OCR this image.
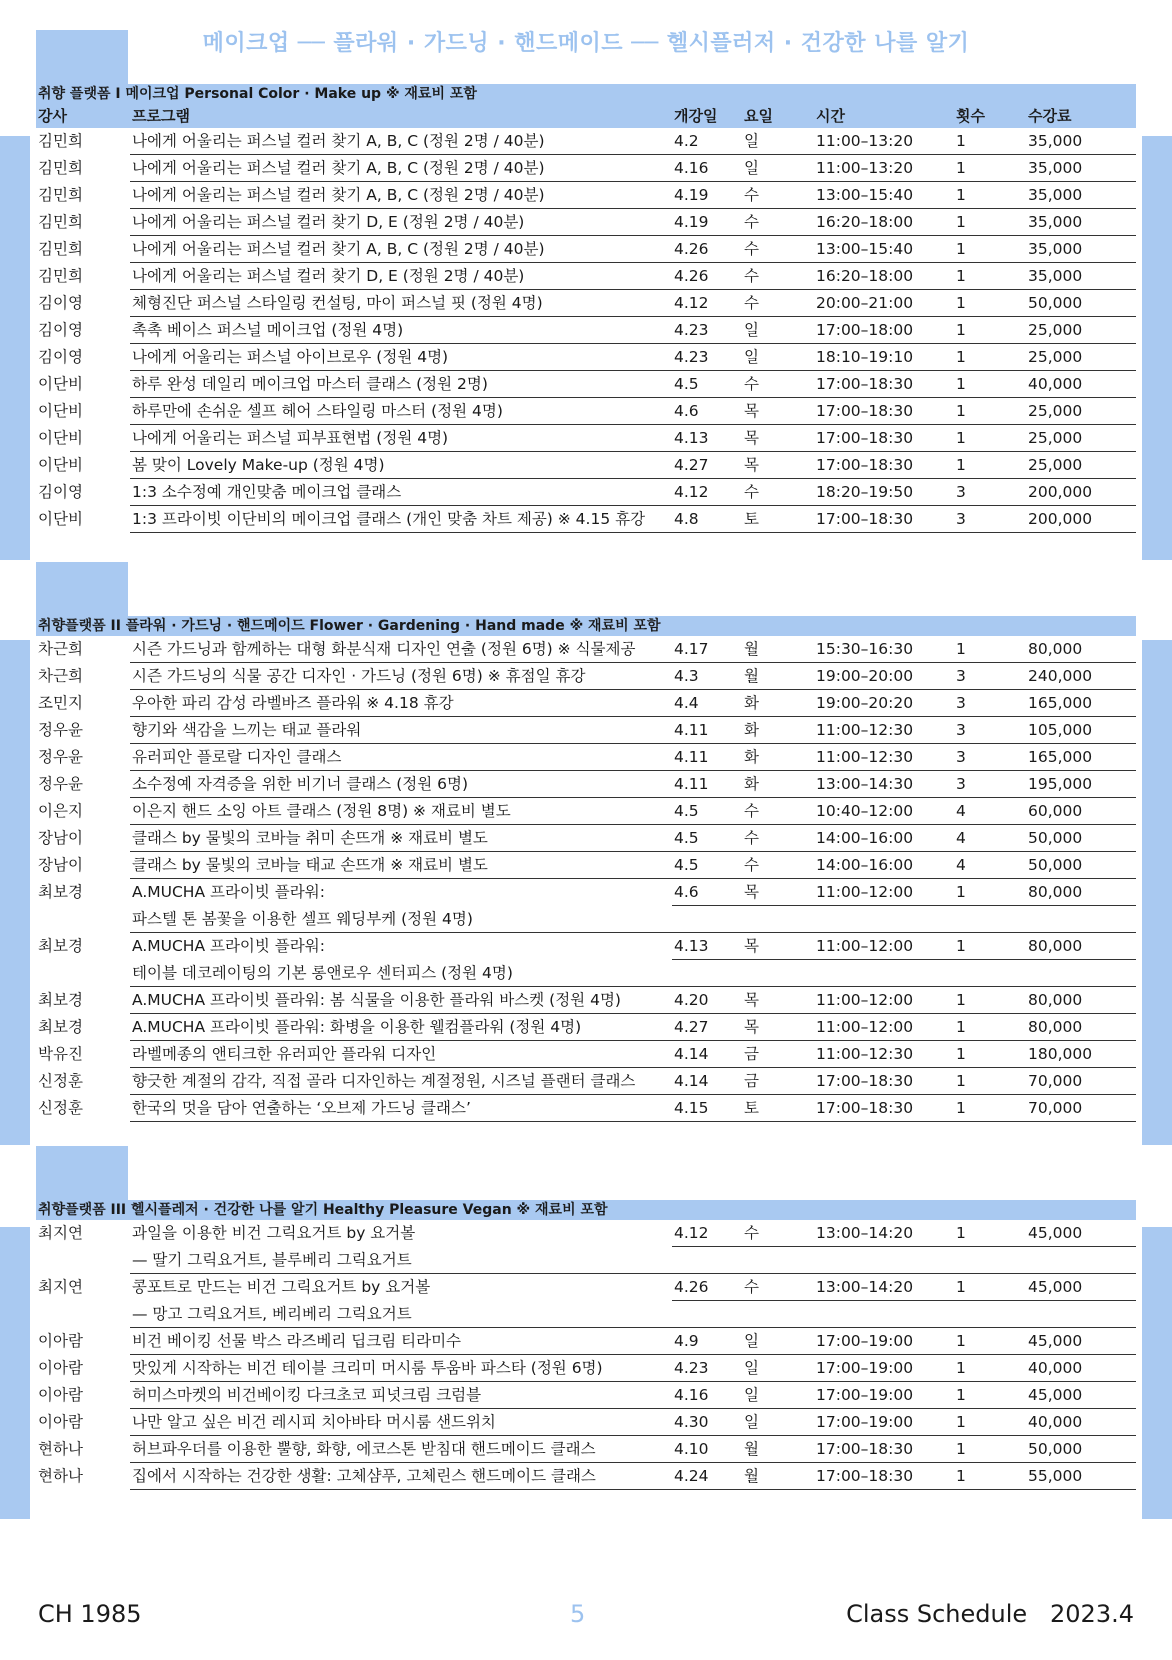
메이크업 ── 플라워 · 가드닝 · 핸드메이드 ── 헬시플러저 · 건강한 나를 알기
취향 플랫폼 I 메이크업 Personal Color · Make up ※ 재료비 포함
강사	프로그램	개강일	요일	시간	횟수	수강료
김민희	나에게 어울리는 퍼스널 컬러 찾기 A, B, C (정원 2명 / 40분)	4.2	일	11:00–13:20	1	35,000
김민희	나에게 어울리는 퍼스널 컬러 찾기 A, B, C (정원 2명 / 40분)	4.16	일	11:00–13:20	1	35,000
김민희	나에게 어울리는 퍼스널 컬러 찾기 A, B, C (정원 2명 / 40분)	4.19	수	13:00–15:40	1	35,000
김민희	나에게 어울리는 퍼스널 컬러 찾기 D, E (정원 2명 / 40분)	4.19	수	16:20–18:00	1	35,000
김민희	나에게 어울리는 퍼스널 컬러 찾기 A, B, C (정원 2명 / 40분)	4.26	수	13:00–15:40	1	35,000
김민희	나에게 어울리는 퍼스널 컬러 찾기 D, E (정원 2명 / 40분)	4.26	수	16:20–18:00	1	35,000
김이영	체형진단 퍼스널 스타일링 컨설팅, 마이 퍼스널 핏 (정원 4명)	4.12	수	20:00–21:00	1	50,000
김이영	촉촉 베이스 퍼스널 메이크업 (정원 4명)	4.23	일	17:00–18:00	1	25,000
김이영	나에게 어울리는 퍼스널 아이브로우 (정원 4명)	4.23	일	18:10–19:10	1	25,000
이단비	하루 완성 데일리 메이크업 마스터 클래스 (정원 2명)	4.5	수	17:00–18:30	1	40,000
이단비	하루만에 손쉬운 셀프 헤어 스타일링 마스터 (정원 4명)	4.6	목	17:00–18:30	1	25,000
이단비	나에게 어울리는 퍼스널 피부표현법 (정원 4명)	4.13	목	17:00–18:30	1	25,000
이단비	봄 맞이 Lovely Make-up (정원 4명)	4.27	목	17:00–18:30	1	25,000
김이영	1:3 소수정예 개인맞춤 메이크업 클래스	4.12	수	18:20–19:50	3	200,000
이단비	1:3 프라이빗 이단비의 메이크업 클래스 (개인 맞춤 차트 제공) ※ 4.15 휴강	4.8	토	17:00–18:30	3	200,000
취향플랫폼 II 플라워 · 가드닝 · 핸드메이드 Flower · Gardening · Hand made ※ 재료비 포함
차근희	시즌 가드닝과 함께하는 대형 화분식재 디자인 연출 (정원 6명) ※ 식물제공	4.17	월	15:30–16:30	1	80,000
차근희	시즌 가드닝의 식물 공간 디자인 · 가드닝 (정원 6명) ※ 휴점일 휴강	4.3	월	19:00–20:00	3	240,000
조민지	우아한 파리 감성 라벨바즈 플라워 ※ 4.18 휴강	4.4	화	19:00–20:20	3	165,000
정우윤	향기와 색감을 느끼는 태교 플라워	4.11	화	11:00–12:30	3	105,000
정우윤	유러피안 플로랄 디자인 클래스	4.11	화	11:00–12:30	3	165,000
정우윤	소수정예 자격증을 위한 비기너 클래스 (정원 6명)	4.11	화	13:00–14:30	3	195,000
이은지	이은지 핸드 소잉 아트 클래스 (정원 8명) ※ 재료비 별도	4.5	수	10:40–12:00	4	60,000
장남이	클래스 by 물빛의 코바늘 취미 손뜨개 ※ 재료비 별도	4.5	수	14:00–16:00	4	50,000
장남이	클래스 by 물빛의 코바늘 태교 손뜨개 ※ 재료비 별도	4.5	수	14:00–16:00	4	50,000
최보경	A.MUCHA 프라이빗 플라워:	4.6	목	11:00–12:00	1	80,000
	파스텔 톤 봄꽃을 이용한 셀프 웨딩부케 (정원 4명)					
최보경	A.MUCHA 프라이빗 플라워:	4.13	목	11:00–12:00	1	80,000
	테이블 데코레이팅의 기본 롱앤로우 센터피스 (정원 4명)					
최보경	A.MUCHA 프라이빗 플라워: 봄 식물을 이용한 플라워 바스켓 (정원 4명)	4.20	목	11:00–12:00	1	80,000
최보경	A.MUCHA 프라이빗 플라워: 화병을 이용한 웰컴플라워 (정원 4명)	4.27	목	11:00–12:00	1	80,000
박유진	라벨메종의 앤티크한 유러피안 플라워 디자인	4.14	금	11:00–12:30	1	180,000
신정훈	향긋한 계절의 감각, 직접 골라 디자인하는 계절정원, 시즈널 플랜터 클래스	4.14	금	17:00–18:30	1	70,000
신정훈	한국의 멋을 담아 연출하는 ‘오브제 가드닝 클래스’	4.15	토	17:00–18:30	1	70,000
취향플랫폼 III 헬시플레저 · 건강한 나를 알기 Healthy Pleasure Vegan ※ 재료비 포함
최지연	과일을 이용한 비건 그릭요거트 by 요거볼	4.12	수	13:00–14:20	1	45,000
	— 딸기 그릭요거트, 블루베리 그릭요거트					
최지연	콩포트로 만드는 비건 그릭요거트 by 요거볼	4.26	수	13:00–14:20	1	45,000
	— 망고 그릭요거트, 베리베리 그릭요거트					
이아람	비건 베이킹 선물 박스 라즈베리 딥크림 티라미수	4.9	일	17:00–19:00	1	45,000
이아람	맛있게 시작하는 비건 테이블 크리미 머시룸 투움바 파스타 (정원 6명)	4.23	일	17:00–19:00	1	40,000
이아람	허미스마켓의 비건베이킹 다크초코 피넛크림 크럼블	4.16	일	17:00–19:00	1	45,000
이아람	나만 알고 싶은 비건 레시피 치아바타 머시룸 샌드위치	4.30	일	17:00–19:00	1	40,000
현하나	허브파우더를 이용한 뿔향, 화향, 에코스톤 받침대 핸드메이드 클래스	4.10	월	17:00–18:30	1	50,000
현하나	집에서 시작하는 건강한 생활: 고체샴푸, 고체린스 핸드메이드 클래스	4.24	월	17:00–18:30	1	55,000
CH 1985	5	Class Schedule   2023.4
